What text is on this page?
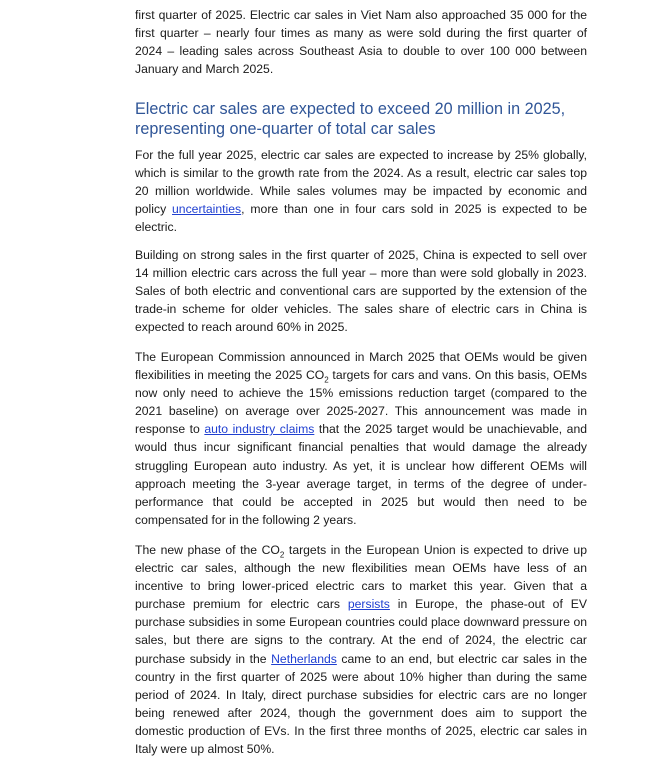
first quarter of 2025. Electric car sales in Viet Nam also approached 35 000 for the first quarter – nearly four times as many as were sold during the first quarter of 2024 – leading sales across Southeast Asia to double to over 100 000 between January and March 2025.

Electric car sales are expected to exceed 20 million in 2025, representing one-quarter of total car sales

For the full year 2025, electric car sales are expected to increase by 25% globally, which is similar to the growth rate from the 2024. As a result, electric car sales top 20 million worldwide. While sales volumes may be impacted by economic and policy uncertainties, more than one in four cars sold in 2025 is expected to be electric.

Building on strong sales in the first quarter of 2025, China is expected to sell over 14 million electric cars across the full year – more than were sold globally in 2023. Sales of both electric and conventional cars are supported by the extension of the trade-in scheme for older vehicles. The sales share of electric cars in China is expected to reach around 60% in 2025.

The European Commission announced in March 2025 that OEMs would be given flexibilities in meeting the 2025 $CO_2$ targets for cars and vans. On this basis, OEMs now only need to achieve the 15% emissions reduction target (compared to the 2021 baseline) on average over 2025-2027. This announcement was made in response to auto industry claims that the 2025 target would be unachievable, and would thus incur significant financial penalties that would damage the already struggling European auto industry. As yet, it is unclear how different OEMs will approach meeting the 3-year average target, in terms of the degree of under-performance that could be accepted in 2025 but would then need to be compensated for in the following 2 years.

The new phase of the $CO_2$ targets in the European Union is expected to drive up electric car sales, although the new flexibilities mean OEMs have less of an incentive to bring lower-priced electric cars to market this year. Given that a purchase premium for electric cars persists in Europe, the phase-out of EV purchase subsidies in some European countries could place downward pressure on sales, but there are signs to the contrary. At the end of 2024, the electric car purchase subsidy in the Netherlands came to an end, but electric car sales in the country in the first quarter of 2025 were about 10% higher than during the same period of 2024. In Italy, direct purchase subsidies for electric cars are no longer being renewed after 2024, though the government does aim to support the domestic production of EVs. In the first three months of 2025, electric car sales in Italy were up almost 50%.
